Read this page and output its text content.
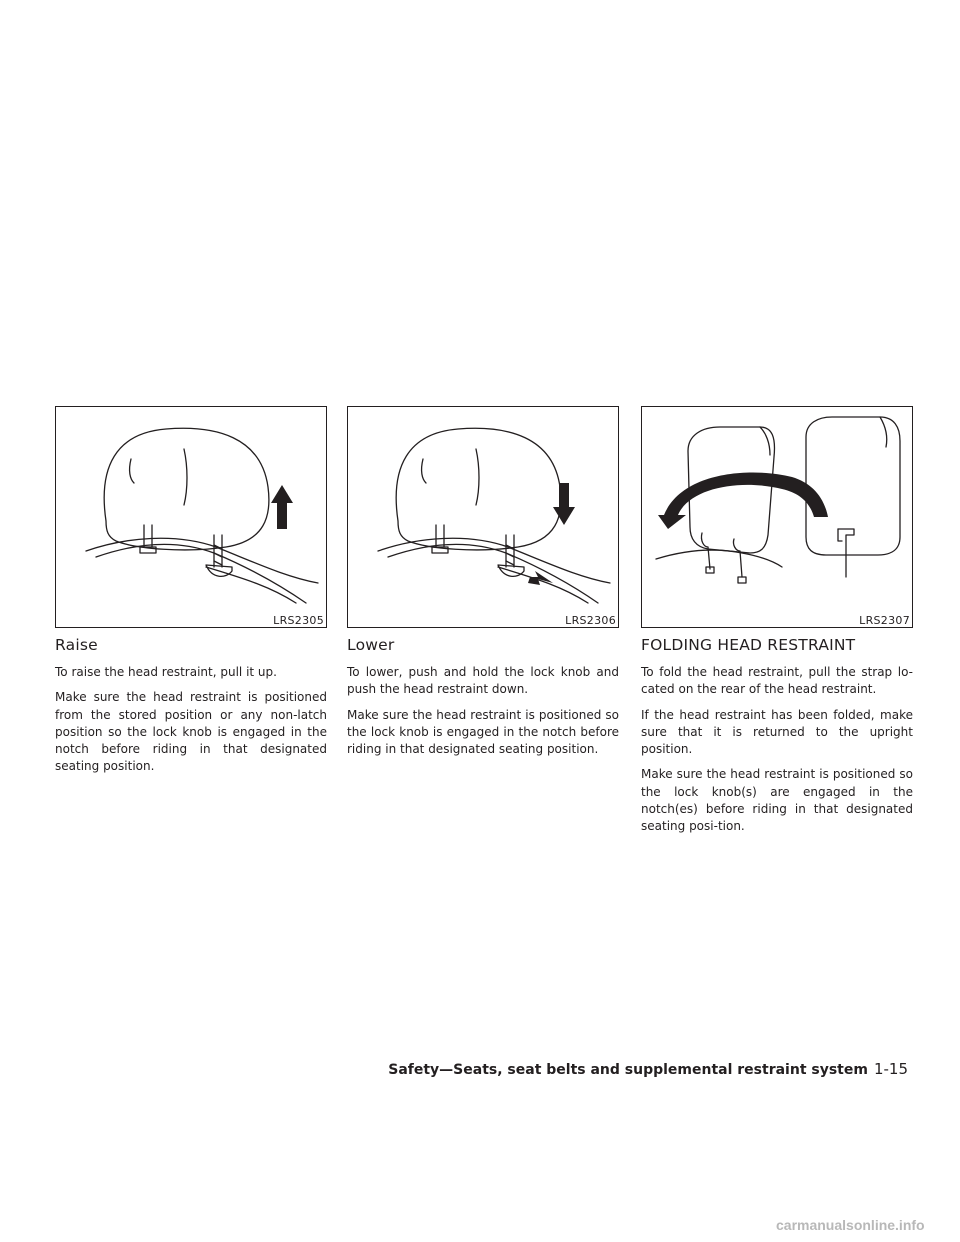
LRS2305
Raise

To raise the head restraint, pull it up.

Make sure the head restraint is positioned from the stored position or any non-latch position so the lock knob is engaged in the notch before riding in that designated seating position.

LRS2306
Lower

To lower, push and hold the lock knob and push the head restraint down.

Make sure the head restraint is positioned so the lock knob is engaged in the notch before riding in that designated seating position.

LRS2307
FOLDING HEAD RESTRAINT

To fold the head restraint, pull the strap lo-cated on the rear of the head restraint.

If the head restraint has been folded, make sure that it is returned to the upright position.

Make sure the head restraint is positioned so the lock knob(s) are engaged in the notch(es) before riding in that designated seating posi-tion.

Safety—Seats, seat belts and supplemental restraint system 1-15
carmanualsonline.info
